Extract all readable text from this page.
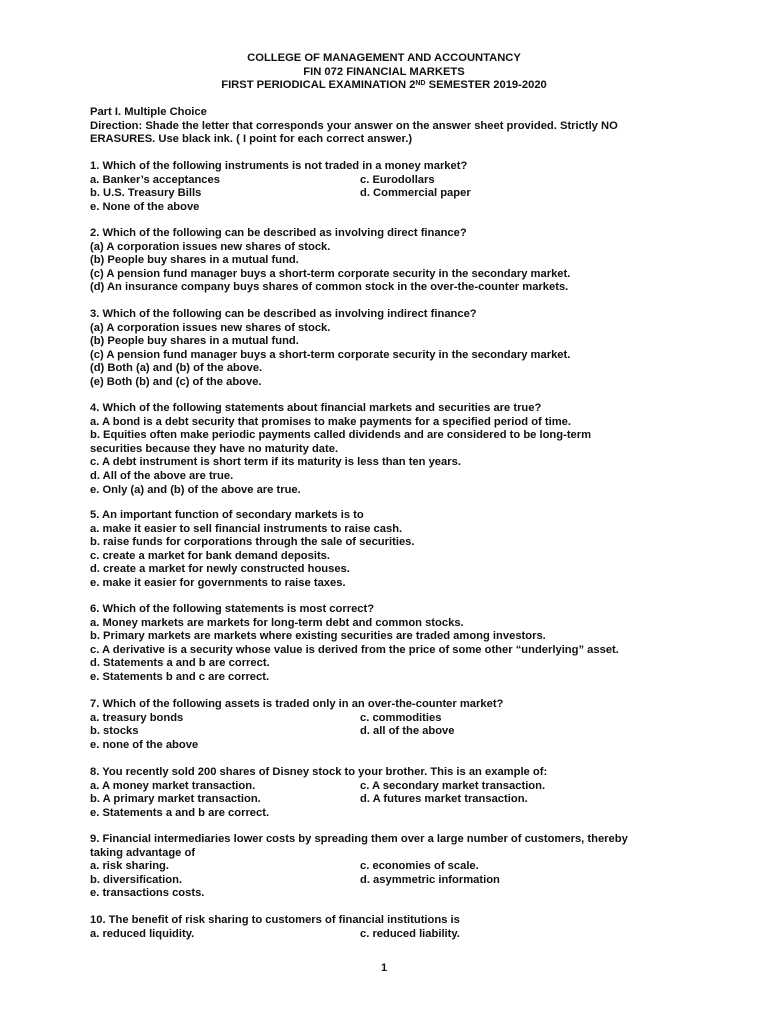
COLLEGE OF MANAGEMENT AND ACCOUNTANCY
FIN 072 FINANCIAL MARKETS
FIRST PERIODICAL EXAMINATION 2ND SEMESTER 2019-2020
Part I. Multiple Choice
Direction: Shade the letter that corresponds your answer on the answer sheet provided. Strictly NO
ERASURES. Use black ink. ( I point for each correct answer.)
1. Which of the following instruments is not traded in a money market?
a. Banker’s acceptances	c. Eurodollars
b. U.S. Treasury Bills	d. Commercial paper
e. None of the above
2. Which of the following can be described as involving direct finance?
(a) A corporation issues new shares of stock.
(b) People buy shares in a mutual fund.
(c) A pension fund manager buys a short-term corporate security in the secondary market.
(d) An insurance company buys shares of common stock in the over-the-counter markets.
3. Which of the following can be described as involving indirect finance?
(a) A corporation issues new shares of stock.
(b) People buy shares in a mutual fund.
(c) A pension fund manager buys a short-term corporate security in the secondary market.
(d) Both (a) and (b) of the above.
(e) Both (b) and (c) of the above.
4. Which of the following statements about financial markets and securities are true?
a. A bond is a debt security that promises to make payments for a specified period of time.
b. Equities often make periodic payments called dividends and are considered to be long-term
securities because they have no maturity date.
c. A debt instrument is short term if its maturity is less than ten years.
d. All of the above are true.
e. Only (a) and (b) of the above are true.
5. An important function of secondary markets is to
a. make it easier to sell financial instruments to raise cash.
b. raise funds for corporations through the sale of securities.
c. create a market for bank demand deposits.
d. create a market for newly constructed houses.
e. make it easier for governments to raise taxes.
6. Which of the following statements is most correct?
a. Money markets are markets for long-term debt and common stocks.
b. Primary markets are markets where existing securities are traded among investors.
c. A derivative is a security whose value is derived from the price of some other “underlying” asset.
d. Statements a and b are correct.
e. Statements b and c are correct.
7. Which of the following assets is traded only in an over-the-counter market?
a. treasury bonds	c. commodities
b. stocks	d. all of the above
e. none of the above
8. You recently sold 200 shares of Disney stock to your brother. This is an example of:
a. A money market transaction.	c. A secondary market transaction.
b. A primary market transaction.	d. A futures market transaction.
e. Statements a and b are correct.
9. Financial intermediaries lower costs by spreading them over a large number of customers, thereby
taking advantage of
a. risk sharing.	c. economies of scale.
b. diversification.	d. asymmetric information
e. transactions costs.
10. The benefit of risk sharing to customers of financial institutions is
a. reduced liquidity.	c. reduced liability.
1
